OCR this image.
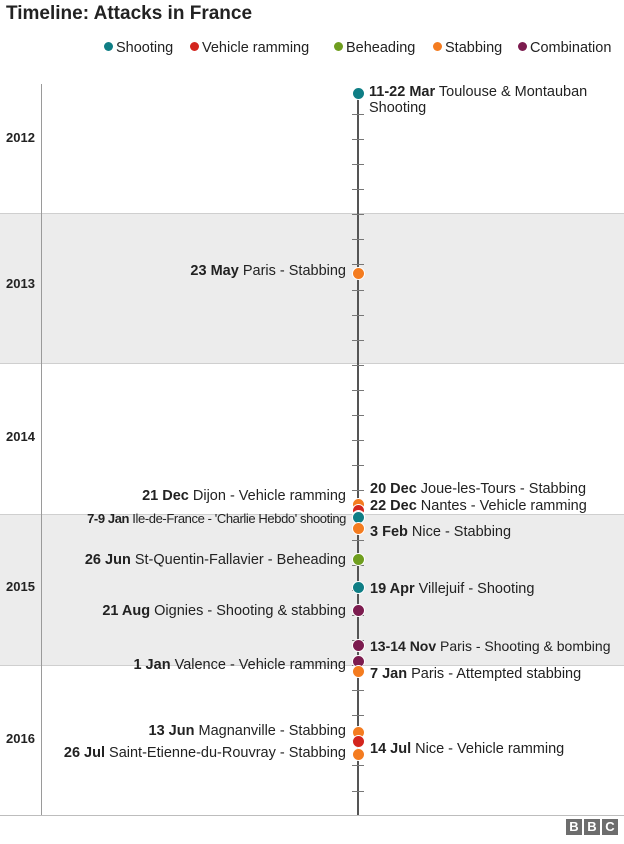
Timeline: Attacks in France
Shooting	Vehicle ramming	Beheading	Stabbing	Combination
2012
2013
2014
2015
2016
11-22 Mar Toulouse & Montauban
Shooting
23 May Paris - Stabbing
20 Dec Joue-les-Tours - Stabbing
21 Dec Dijon - Vehicle ramming
22 Dec Nantes - Vehicle ramming
7-9 Jan Ile-de-France - 'Charlie Hebdo' shooting
3 Feb Nice - Stabbing
19 Apr Villejuif - Shooting
26 Jun St-Quentin-Fallavier - Beheading
21 Aug Oignies - Shooting & stabbing
13-14 Nov Paris - Shooting & bombing
1 Jan Valence - Vehicle ramming
7 Jan Paris - Attempted stabbing
13 Jun Magnanville - Stabbing
14 Jul Nice - Vehicle ramming
26 Jul Saint-Etienne-du-Rouvray - Stabbing
B B C
